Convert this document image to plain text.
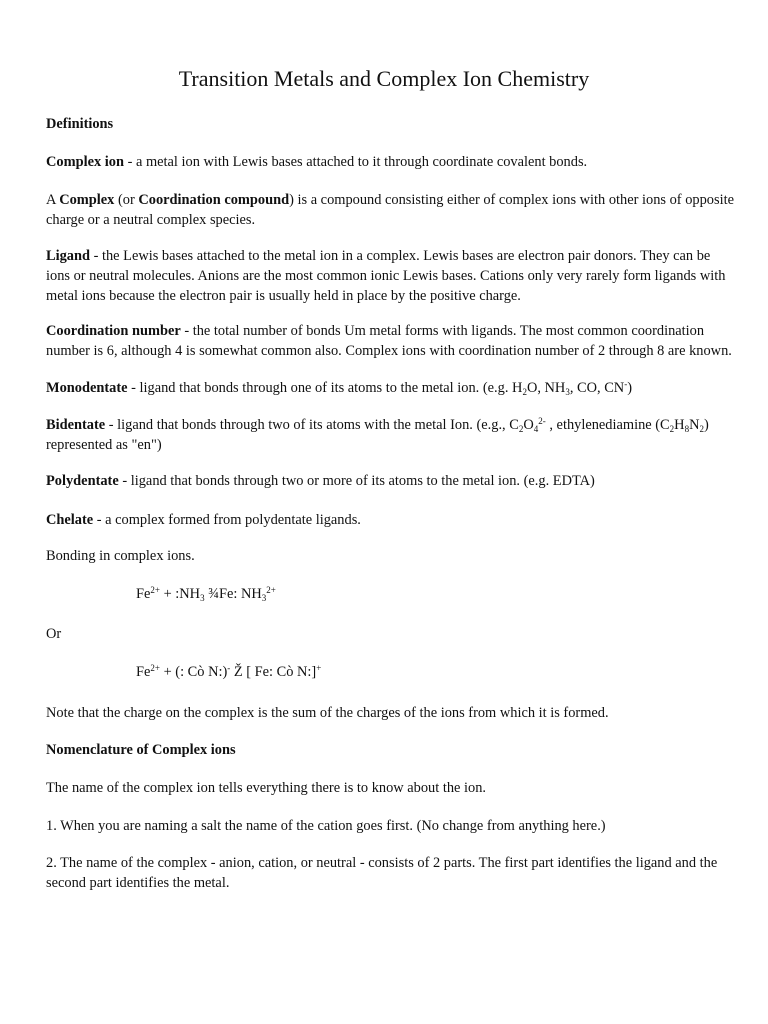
Transition Metals and Complex Ion Chemistry
Definitions
Complex ion - a metal ion with Lewis bases attached to it through coordinate covalent bonds.
A Complex (or Coordination compound) is a compound consisting either of complex ions with other ions of opposite charge or a neutral complex species.
Ligand - the Lewis bases attached to the metal ion in a complex. Lewis bases are electron pair donors. They can be ions or neutral molecules. Anions are the most common ionic Lewis bases. Cations only very rarely form ligands with metal ions because the electron pair is usually held in place by the positive charge.
Coordination number - the total number of bonds Um metal forms with ligands. The most common coordination number is 6, although 4 is somewhat common also. Complex ions with coordination number of 2 through 8 are known.
Monodentate - ligand that bonds through one of its atoms to the metal ion. (e.g. $H_2O$, $NH_3$, CO, CN-)
Bidentate - ligand that bonds through two of its atoms with the metal Ion. (e.g., $C_2O_4^{2-}$ , ethylenediamine $(C_2H_8N_2)$ represented as "en")
Polydentate - ligand that bonds through two or more of its atoms to the metal ion. (e.g. EDTA)
Chelate - a complex formed from polydentate ligands.
Bonding in complex ions.
$Fe^{2+}$ + $:NH_3$ ¾Fe: $NH_3^{2+}$
Or
$Fe^{2+}$ + (: Cò N:)- Ž [ Fe: Cò N:]+
Note that the charge on the complex is the sum of the charges of the ions from which it is formed.
Nomenclature of Complex ions
The name of the complex ion tells everything there is to know about the ion.
1. When you are naming a salt the name of the cation goes first. (No change from anything here.)
2. The name of the complex - anion, cation, or neutral - consists of 2 parts. The first part identifies the ligand and the second part identifies the metal.
